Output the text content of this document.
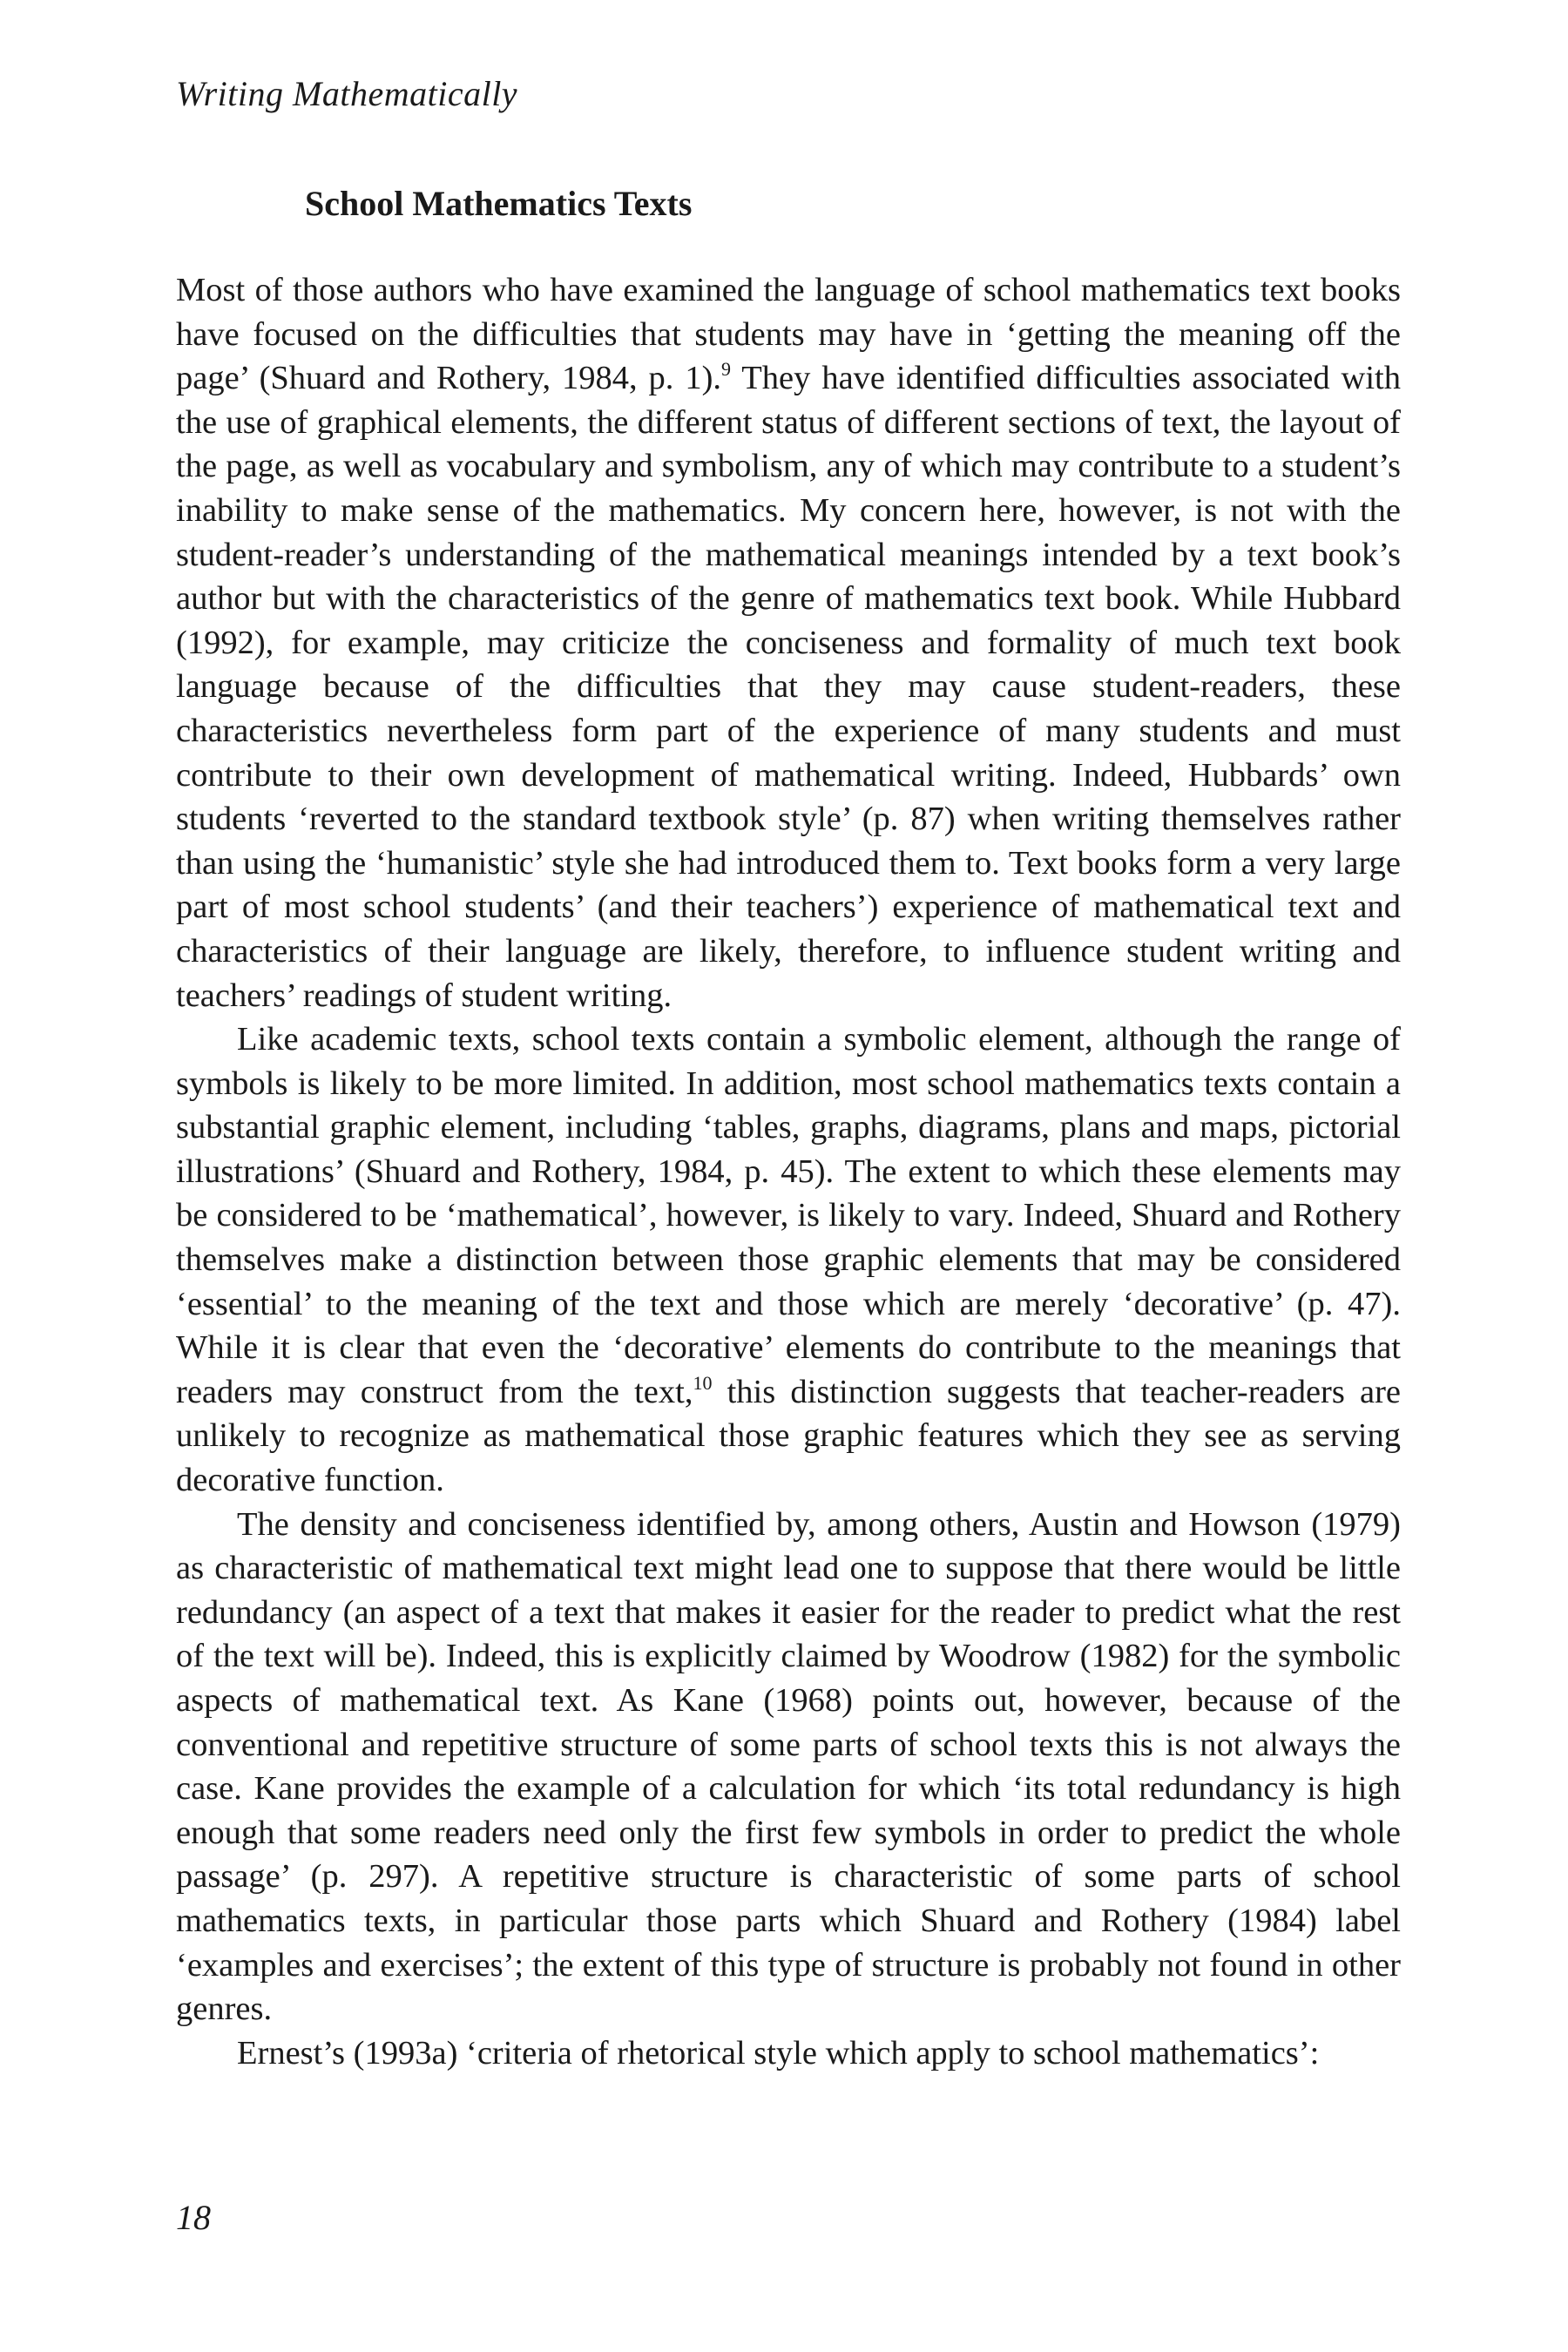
Writing Mathematically
School Mathematics Texts

Most of those authors who have examined the language of school mathematics text books have focused on the difficulties that students may have in ‘getting the meaning off the page’ (Shuard and Rothery, 1984, p. 1).$^9$ They have identified difficulties associated with the use of graphical elements, the different status of different sections of text, the layout of the page, as well as vocabulary and symbolism, any of which may contribute to a student’s inability to make sense of the mathematics. My concern here, however, is not with the student-reader’s understanding of the mathematical meanings intended by a text book’s author but with the characteristics of the genre of mathematics text book. While Hubbard (1992), for example, may criticize the conciseness and formality of much text book language because of the difficulties that they may cause student-readers, these characteristics nevertheless form part of the experience of many students and must contribute to their own development of mathematical writing. Indeed, Hubbards’ own students ‘reverted to the standard textbook style’ (p. 87) when writing themselves rather than using the ‘humanistic’ style she had introduced them to. Text books form a very large part of most school students’ (and their teachers’) experience of mathematical text and characteristics of their language are likely, therefore, to influence student writing and teachers’ readings of student writing.

Like academic texts, school texts contain a symbolic element, although the range of symbols is likely to be more limited. In addition, most school mathematics texts contain a substantial graphic element, including ‘tables, graphs, diagrams, plans and maps, pictorial illustrations’ (Shuard and Rothery, 1984, p. 45). The extent to which these elements may be considered to be ‘mathematical’, however, is likely to vary. Indeed, Shuard and Rothery themselves make a distinction between those graphic elements that may be considered ‘essential’ to the meaning of the text and those which are merely ‘decorative’ (p. 47). While it is clear that even the ‘decorative’ elements do contribute to the meanings that readers may construct from the text,$^{10}$ this distinction suggests that teacher-readers are unlikely to recognize as mathematical those graphic features which they see as serving decorative function.

The density and conciseness identified by, among others, Austin and Howson (1979) as characteristic of mathematical text might lead one to suppose that there would be little redundancy (an aspect of a text that makes it easier for the reader to predict what the rest of the text will be). Indeed, this is explicitly claimed by Woodrow (1982) for the symbolic aspects of mathematical text. As Kane (1968) points out, however, because of the conventional and repetitive structure of some parts of school texts this is not always the case. Kane provides the example of a calculation for which ‘its total redundancy is high enough that some readers need only the first few symbols in order to predict the whole passage’ (p. 297). A repetitive structure is characteristic of some parts of school mathematics texts, in particular those parts which Shuard and Rothery (1984) label ‘examples and exercises’; the extent of this type of structure is probably not found in other genres.

Ernest’s (1993a) ‘criteria of rhetorical style which apply to school mathematics’:

18
